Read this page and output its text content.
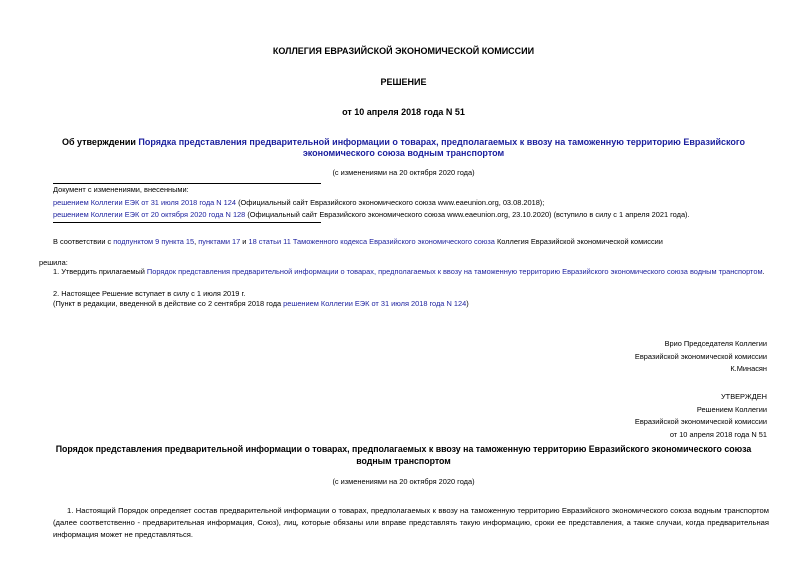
КОЛЛЕГИЯ ЕВРАЗИЙСКОЙ ЭКОНОМИЧЕСКОЙ КОМИССИИ
РЕШЕНИЕ
от 10 апреля 2018 года N 51
Об утверждении Порядка представления предварительной информации о товарах, предполагаемых к ввозу на таможенную территорию Евразийского
экономического союза водным транспортом
(с изменениями на 20 октября 2020 года)
Документ с изменениями, внесенными:
решением Коллегии ЕЭК от 31 июля 2018 года N 124 (Официальный сайт Евразийского экономического союза www.eaeunion.org, 03.08.2018);
решением Коллегии ЕЭК от 20 октября 2020 года N 128 (Официальный сайт Евразийского экономического союза www.eaeunion.org, 23.10.2020) (вступило в силу с 1 апреля 2021 года).
В соответствии с подпунктом 9 пункта 15, пунктами 17 и 18 статьи 11 Таможенного кодекса Евразийского экономического союза Коллегия Евразийской экономической комиссии
решила:
1. Утвердить прилагаемый Порядок представления предварительной информации о товарах, предполагаемых к ввозу на таможенную территорию Евразийского экономического союза водным транспортом.
2. Настоящее Решение вступает в силу с 1 июля 2019 г.
(Пункт в редакции, введенной в действие со 2 сентября 2018 года решением Коллегии ЕЭК от 31 июля 2018 года N 124)
Врио Председателя Коллегии
Евразийской экономической комиссии
К.Минасян
УТВЕРЖДЕН
Решением Коллегии
Евразийской экономической комиссии
от 10 апреля 2018 года N 51
Порядок представления предварительной информации о товарах, предполагаемых к ввозу на таможенную территорию Евразийского экономического союза
водным транспортом
(с изменениями на 20 октября 2020 года)
1. Настоящий Порядок определяет состав предварительной информации о товарах, предполагаемых к ввозу на таможенную территорию Евразийского экономического союза водным транспортом (далее соответственно - предварительная информация, Союз), лиц, которые обязаны или вправе представлять такую информацию, сроки ее представления, а также случаи, когда предварительная информация может не представляться.
